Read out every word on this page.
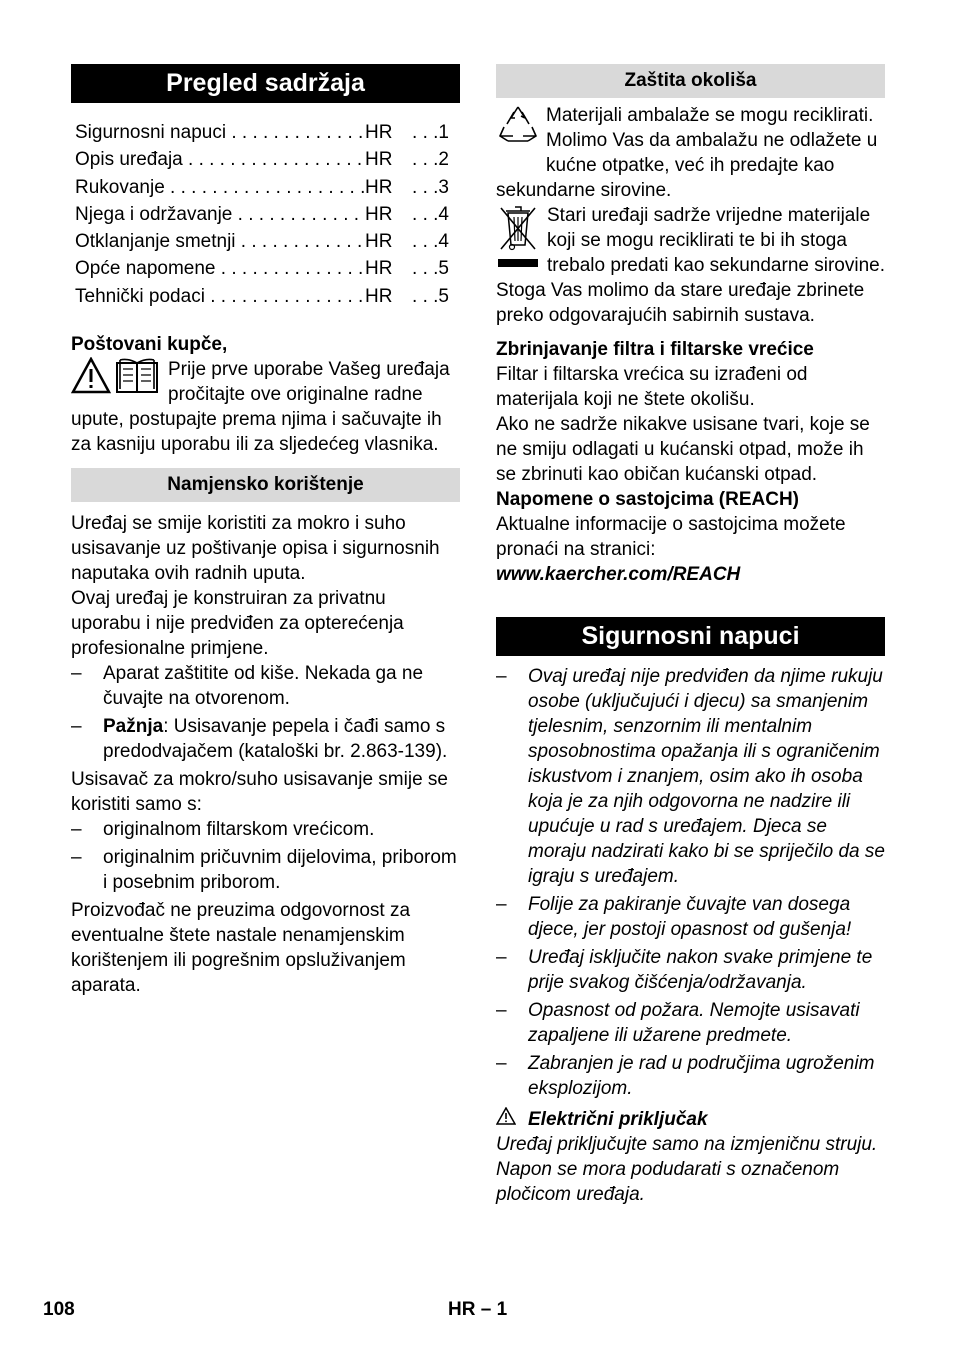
Pregled sadržaja
Sigurnosni napuci . . .	HR	. . .1
Opis uređaja . . .	HR	. . .2
Rukovanje . . .	HR	. . .3
Njega i održavanje . . .	HR	. . .4
Otklanjanje smetnji . . .	HR	. . .4
Opće napomene . . .	HR	. . .5
Tehnički podaci . . .	HR	. . .5

Poštovani kupče,

Prije prve uporabe Vašeg uređaja pročitajte ove originalne radne upute, postupajte prema njima i sačuvajte ih za kasniju uporabu ili za sljedećeg vlasnika.

Namjensko korištenje

Uređaj se smije koristiti za mokro i suho usisavanje uz poštivanje opisa i sigurnosnih naputaka ovih radnih uputa.

Ovaj uređaj je konstruiran za privatnu uporabu i nije predviđen za opterećenja profesionalne primjene.

–	Aparat zaštitite od kiše. Nekada ga ne čuvajte na otvorenom.
–	Pažnja: Usisavanje pepela i čađi samo s predodvajačem (kataloški br. 2.863-139).

Usisavač za mokro/suho usisavanje smije se koristiti samo s:

–	originalnom filtarskom vrećicom.
–	originalnim pričuvnim dijelovima, priborom i posebnim priborom.

Proizvođač ne preuzima odgovornost za eventualne štete nastale nenamjenskim korištenjem ili pogrešnim opsluživanjem aparata.

Zaštita okoliša

Materijali ambalaže se mogu reciklirati. Molimo Vas da ambalažu ne odlažete u kućne otpatke, već ih predajte kao sekundarne sirovine.

Stari uređaji sadrže vrijedne materijale koji se mogu reciklirati te bi ih stoga trebalo predati kao sekundarne sirovine. Stoga Vas molimo da stare uređaje zbrinete preko odgovarajućih sabirnih sustava.

Zbrinjavanje filtra i filtarske vrećice

Filtar i filtarska vrećica su izrađeni od materijala koji ne štete okolišu.

Ako ne sadrže nikakve usisane tvari, koje se ne smiju odlagati u kućanski otpad, može ih se zbrinuti kao običan kućanski otpad.

Napomene o sastojcima (REACH)

Aktualne informacije o sastojcima možete pronaći na stranici:

www.kaercher.com/REACH

Sigurnosni napuci
–	Ovaj uređaj nije predviđen da njime rukuju osobe (uključujući i djecu) sa smanjenim tjelesnim, senzornim ili mentalnim sposobnostima opažanja ili s ograničenim iskustvom i znanjem, osim ako ih osoba koja je za njih odgovorna ne nadzire ili upućuje u rad s uređajem. Djeca se moraju nadzirati kako bi se spriječilo da se igraju s uređajem.
–	Folije za pakiranje čuvajte van dosega djece, jer postoji opasnost od gušenja!
–	Uređaj isključite nakon svake primjene te prije svakog čišćenja/održavanja.
–	Opasnost od požara. Nemojte usisavati zapaljene ili užarene predmete.
–	Zabranjen je rad u područjima ugroženim eksplozijom.
Električni priključak

Uređaj priključujte samo na izmjeničnu struju. Napon se mora podudarati s označenom pločicom uređaja.

108	HR – 1
